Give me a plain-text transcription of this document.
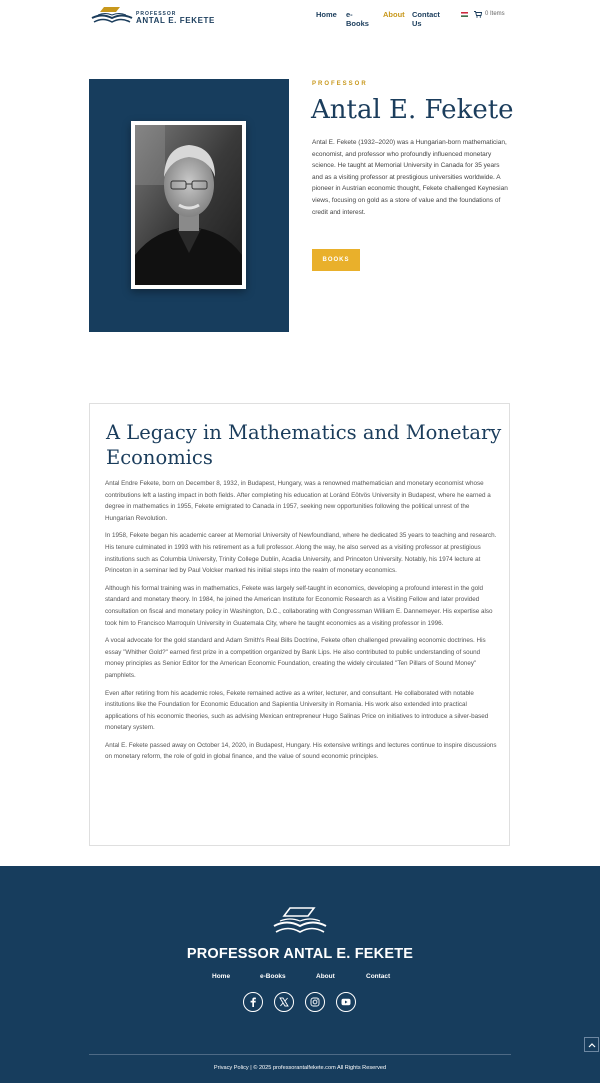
PROFESSOR
ANTAL E. FEKETE
Home e-Books
About Contact Us
0 Items
PROFESSOR
Antal E. Fekete

Antal E. Fekete (1932–2020) was a Hungarian-born mathematician, economist, and professor who profoundly influenced monetary science. He taught at Memorial University in Canada for 35 years and as a visiting professor at prestigious universities worldwide. A pioneer in Austrian economic thought, Fekete challenged Keynesian views, focusing on gold as a store of value and the foundations of credit and interest.

BOOKS
A Legacy in Mathematics and Monetary Economics

Antal Endre Fekete, born on December 8, 1932, in Budapest, Hungary, was a renowned mathematician and monetary economist whose contributions left a lasting impact in both fields. After completing his education at Loránd Eötvös University in Budapest, where he earned a degree in mathematics in 1955, Fekete emigrated to Canada in 1957, seeking new opportunities following the political unrest of the Hungarian Revolution.

In 1958, Fekete began his academic career at Memorial University of Newfoundland, where he dedicated 35 years to teaching and research. His tenure culminated in 1993 with his retirement as a full professor. Along the way, he also served as a visiting professor at prestigious institutions such as Columbia University, Trinity College Dublin, Acadia University, and Princeton University. Notably, his 1974 lecture at Princeton in a seminar led by Paul Volcker marked his initial steps into the realm of monetary economics.

Although his formal training was in mathematics, Fekete was largely self-taught in economics, developing a profound interest in the gold standard and monetary theory. In 1984, he joined the American Institute for Economic Research as a Visiting Fellow and later provided consultation on fiscal and monetary policy in Washington, D.C., collaborating with Congressman William E. Dannemeyer. His expertise also took him to Francisco Marroquín University in Guatemala City, where he taught economics as a visiting professor in 1996.

A vocal advocate for the gold standard and Adam Smith's Real Bills Doctrine, Fekete often challenged prevailing economic doctrines. His essay "Whither Gold?" earned first prize in a competition organized by Bank Lips. He also contributed to public understanding of sound money principles as Senior Editor for the American Economic Foundation, creating the widely circulated "Ten Pillars of Sound Money" pamphlets.

Even after retiring from his academic roles, Fekete remained active as a writer, lecturer, and consultant. He collaborated with notable institutions like the Foundation for Economic Education and Sapientia University in Romania. His work also extended into practical applications of his economic theories, such as advising Mexican entrepreneur Hugo Salinas Price on initiatives to introduce a silver-based monetary system.

Antal E. Fekete passed away on October 14, 2020, in Budapest, Hungary. His extensive writings and lectures continue to inspire discussions on monetary reform, the role of gold in global finance, and the value of sound economic principles.

PROFESSOR ANTAL E. FEKETE
Home	e-Books	About	Contact
Privacy Policy | © 2025 professorantalfekete.com All Rights Reserved
